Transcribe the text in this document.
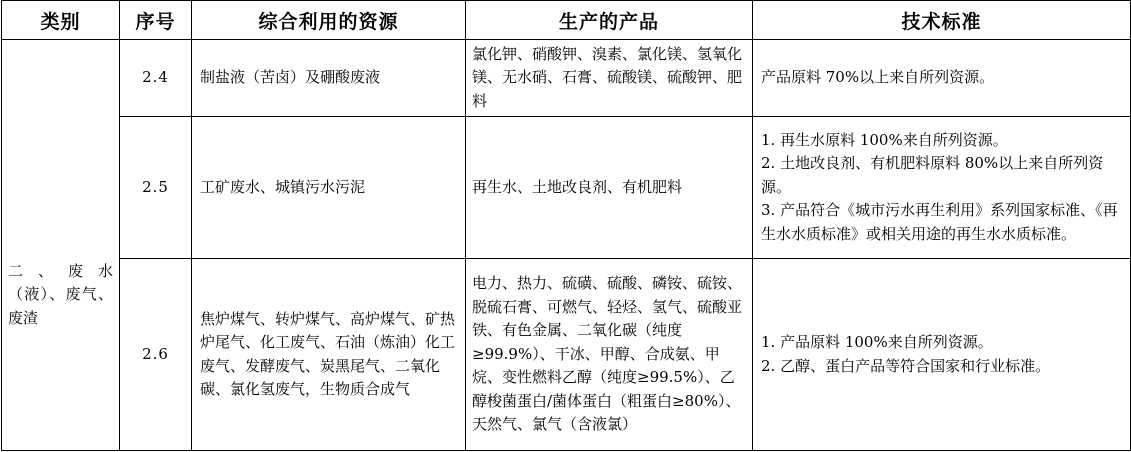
类别	序号	综合利用的资源	生产的产品	技术标准

二、废水（液）、废气、废渣	2.4	制盐液（苦卤）及硼酸废液	氯化钾、硝酸钾、溴素、氯化镁、氢氧化镁、无水硝、石膏、硫酸镁、硫酸钾、肥料	产品原料 70%以上来自所列资源。

	2.5	工矿废水、城镇污水污泥	再生水、土地改良剂、有机肥料	1. 再生水原料 100%来自所列资源。
2. 土地改良剂、有机肥料原料 80%以上来自所列资源。
3. 产品符合《城市污水再生利用》系列国家标准、《再生水水质标准》或相关用途的再生水水质标准。

	2.6	焦炉煤气、转炉煤气、高炉煤气、矿热炉尾气、化工废气、石油（炼油）化工废气、发酵废气、炭黑尾气、二氧化碳、氯化氢废气，生物质合成气	电力、热力、硫磺、硫酸、磷铵、硫铵、脱硫石膏、可燃气、轻烃、氢气、硫酸亚铁、有色金属、二氧化碳（纯度≥99.9%）、干冰、甲醇、合成氨、甲烷、变性燃料乙醇（纯度≥99.5%）、乙醇梭菌蛋白/菌体蛋白（粗蛋白≥80%）、天然气、氯气（含液氯）	1. 产品原料 100%来自所列资源。
2. 乙醇、蛋白产品等符合国家和行业标准。
